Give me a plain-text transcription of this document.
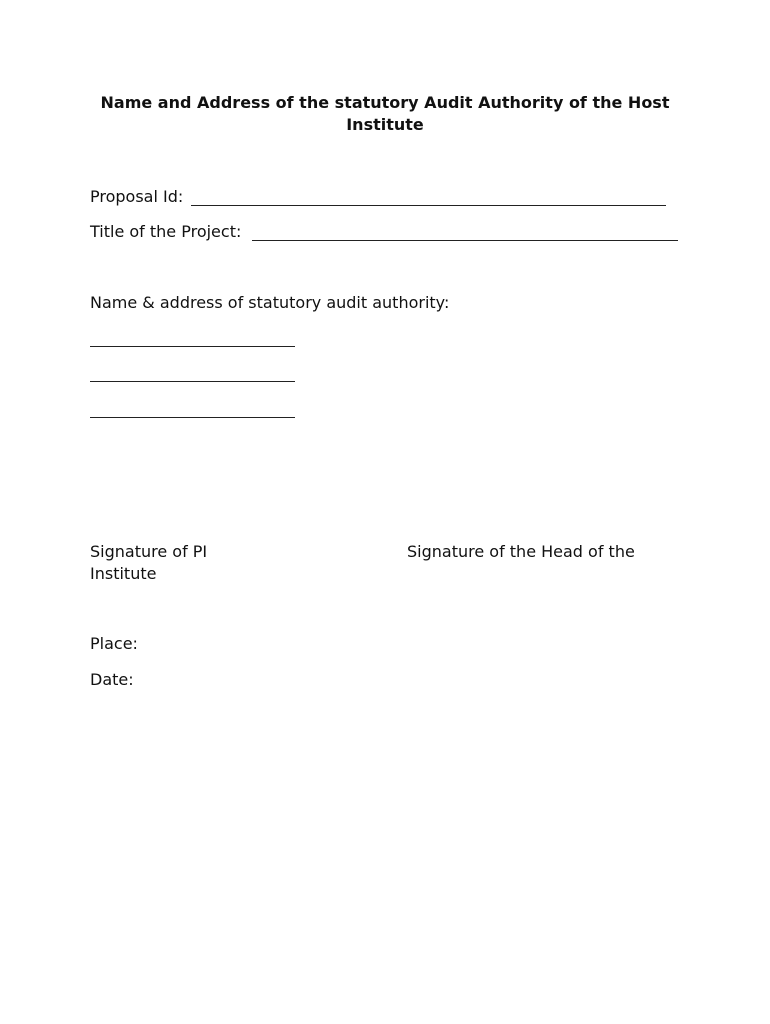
Name and Address of the statutory Audit Authority of the Host Institute
Proposal Id:
Title of the Project:
Name & address of statutory audit authority:
Signature of PI
Institute
Signature of the Head of the
Place:
Date:
